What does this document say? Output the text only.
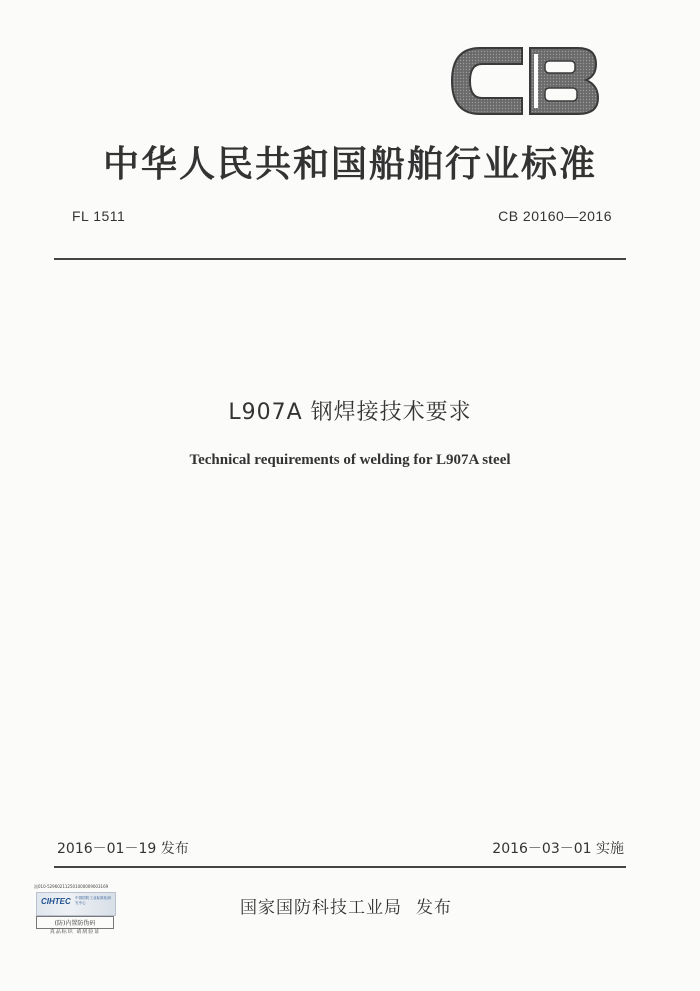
中华人民共和国船舶行业标准
FL 1511	CB 20160—2016
L907A 钢焊接技术要求
Technical requirements of welding for L907A steel
2016－01－19 发布	2016－03－01 实施
流010-529602112501000009003169
CIHTEC 中国国防工业标准化研究中心
(防)内置防伪码
真品标识 请刮验证
国家国防科技工业局 发布
